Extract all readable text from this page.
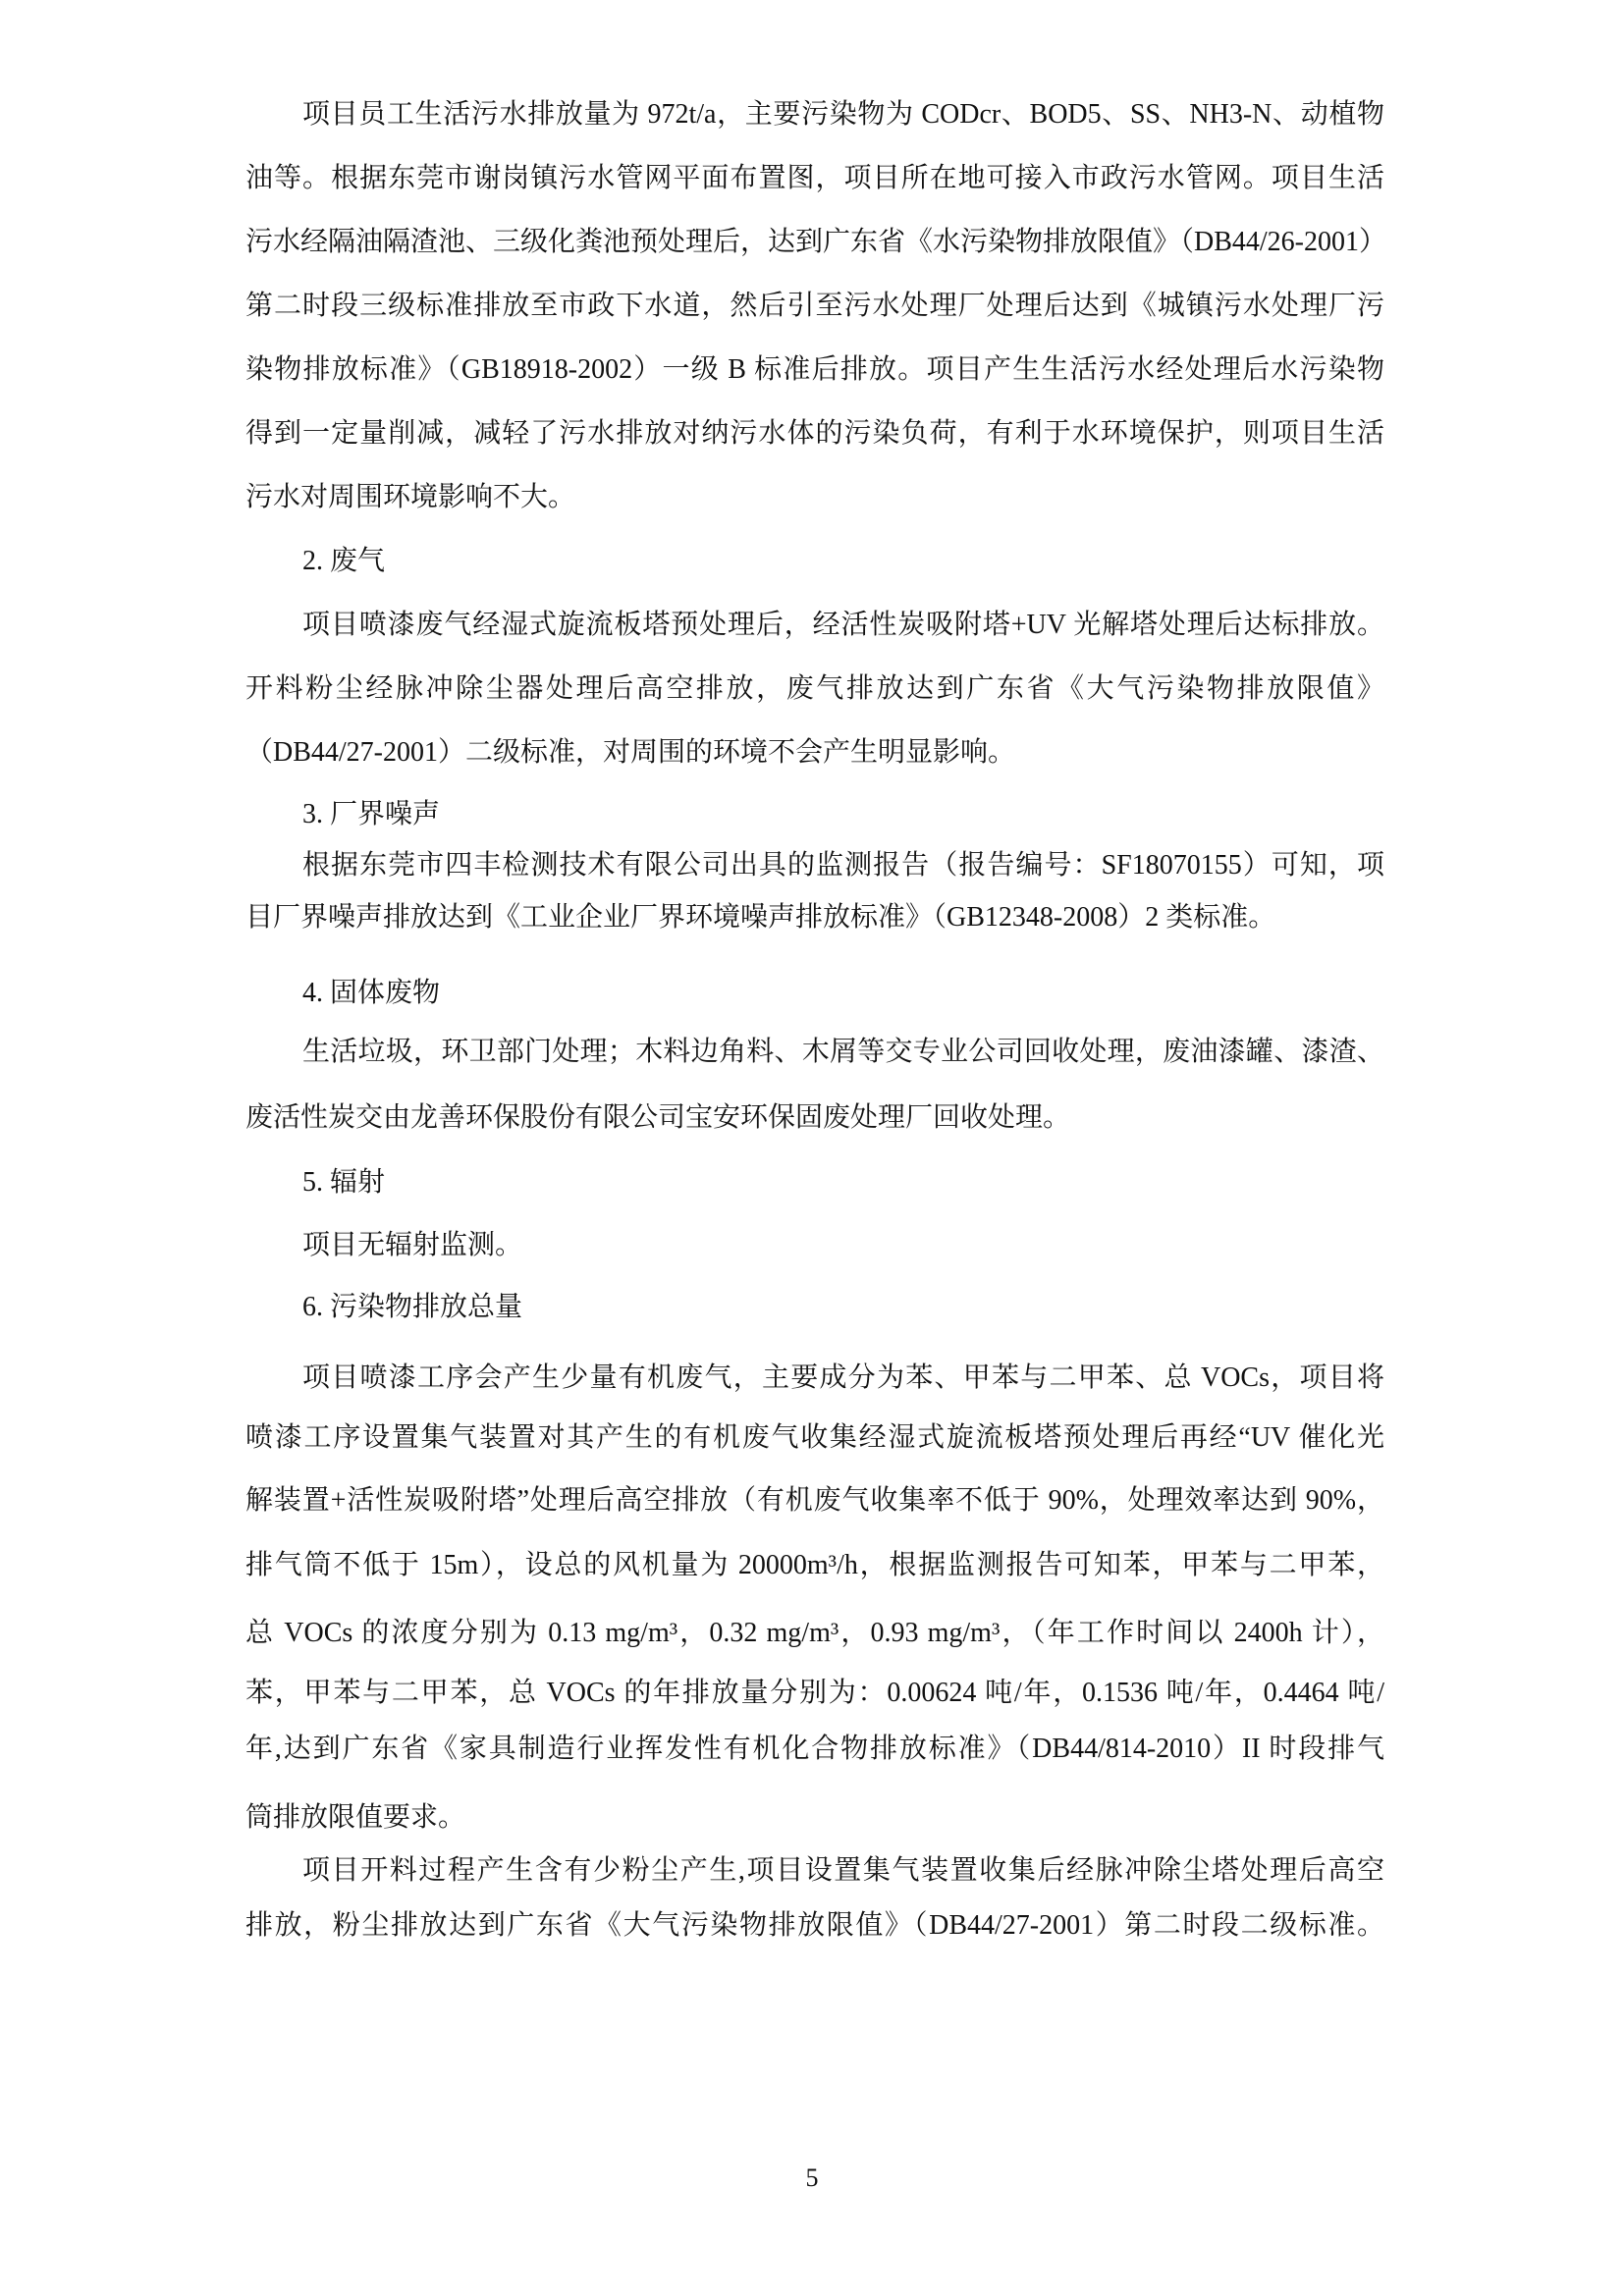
项目员工生活污水排放量为 972t/a，主要污染物为 CODcr、BOD5、SS、NH3-N、动植物
油等。根据东莞市谢岗镇污水管网平面布置图，项目所在地可接入市政污水管网。项目生活
污水经隔油隔渣池、三级化粪池预处理后，达到广东省《水污染物排放限值》（DB44/26-2001）
第二时段三级标准排放至市政下水道，然后引至污水处理厂处理后达到《城镇污水处理厂污
染物排放标准》（GB18918-2002）一级 B 标准后排放。项目产生生活污水经处理后水污染物
得到一定量削减，减轻了污水排放对纳污水体的污染负荷，有利于水环境保护，则项目生活
污水对周围环境影响不大。
2. 废气
项目喷漆废气经湿式旋流板塔预处理后，经活性炭吸附塔+UV 光解塔处理后达标排放。
开料粉尘经脉冲除尘器处理后高空排放，废气排放达到广东省《大气污染物排放限值》
（DB44/27-2001）二级标准，对周围的环境不会产生明显影响。
3. 厂界噪声
根据东莞市四丰检测技术有限公司出具的监测报告（报告编号：SF18070155）可知，项
目厂界噪声排放达到《工业企业厂界环境噪声排放标准》（GB12348-2008）2 类标准。
4. 固体废物
生活垃圾，环卫部门处理；木料边角料、木屑等交专业公司回收处理，废油漆罐、漆渣、
废活性炭交由龙善环保股份有限公司宝安环保固废处理厂回收处理。
5. 辐射
项目无辐射监测。
6. 污染物排放总量
项目喷漆工序会产生少量有机废气，主要成分为苯、甲苯与二甲苯、总 VOCs，项目将
喷漆工序设置集气装置对其产生的有机废气收集经湿式旋流板塔预处理后再经“UV 催化光
解装置+活性炭吸附塔”处理后高空排放（有机废气收集率不低于 90%，处理效率达到 90%，
排气筒不低于 15m），设总的风机量为 20000m³/h，根据监测报告可知苯，甲苯与二甲苯，
总 VOCs 的浓度分别为 0.13 mg/m³，0.32 mg/m³，0.93 mg/m³，（年工作时间以 2400h 计），
苯，甲苯与二甲苯，总 VOCs 的年排放量分别为：0.00624 吨/年，0.1536 吨/年，0.4464 吨/
年,达到广东省《家具制造行业挥发性有机化合物排放标准》（DB44/814-2010）II 时段排气
筒排放限值要求。
项目开料过程产生含有少粉尘产生,项目设置集气装置收集后经脉冲除尘塔处理后高空
排放，粉尘排放达到广东省《大气污染物排放限值》（DB44/27-2001）第二时段二级标准。
5
